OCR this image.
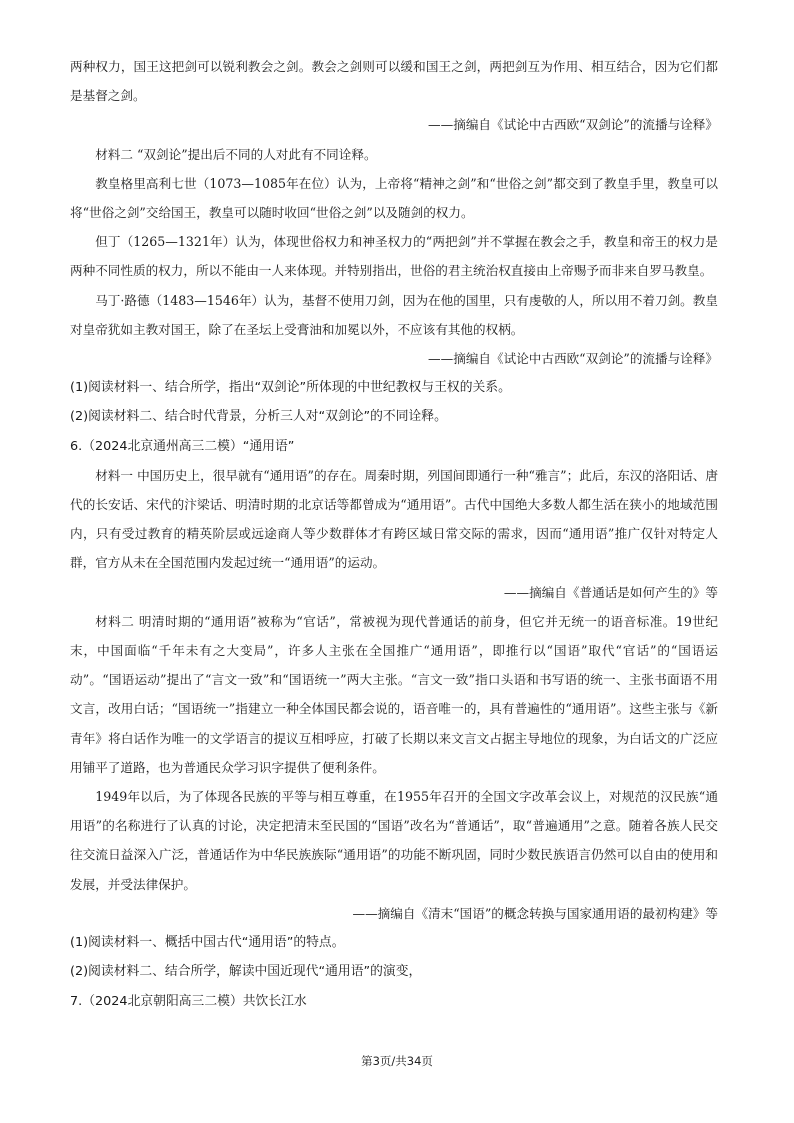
两种权力，国王这把剑可以锐利教会之剑。教会之剑则可以缓和国王之剑，两把剑互为作用、相互结合，因为它们都是基督之剑。

——摘编自《试论中古西欧“双剑论”的流播与诠释》

材料二 “双剑论”提出后不同的人对此有不同诠释。

教皇格里高利七世（1073—1085年在位）认为，上帝将“精神之剑”和“世俗之剑”都交到了教皇手里，教皇可以将“世俗之剑”交给国王，教皇可以随时收回“世俗之剑”以及随剑的权力。

但丁（1265—1321年）认为，体现世俗权力和神圣权力的“两把剑”并不掌握在教会之手，教皇和帝王的权力是两种不同性质的权力，所以不能由一人来体现。并特别指出，世俗的君主统治权直接由上帝赐予而非来自罗马教皇。

马丁·路德（1483—1546年）认为，基督不使用刀剑，因为在他的国里，只有虔敬的人，所以用不着刀剑。教皇对皇帝犹如主教对国王，除了在圣坛上受膏油和加冕以外，不应该有其他的权柄。

——摘编自《试论中古西欧“双剑论”的流播与诠释》

(1)阅读材料一、结合所学，指出“双剑论”所体现的中世纪教权与王权的关系。

(2)阅读材料二、结合时代背景，分析三人对“双剑论”的不同诠释。

6.（2024北京通州高三二模）“通用语”

材料一 中国历史上，很早就有“通用语”的存在。周秦时期，列国间即通行一种“雅言”；此后，东汉的洛阳话、唐代的长安话、宋代的汴梁话、明清时期的北京话等都曾成为“通用语”。古代中国绝大多数人都生活在狭小的地域范围内，只有受过教育的精英阶层或远途商人等少数群体才有跨区域日常交际的需求，因而“通用语”推广仅针对特定人群，官方从未在全国范围内发起过统一“通用语”的运动。

——摘编自《普通话是如何产生的》等

材料二 明清时期的“通用语”被称为“官话”，常被视为现代普通话的前身，但它并无统一的语音标准。19世纪末，中国面临“千年未有之大变局”，许多人主张在全国推广“通用语”，即推行以“国语”取代“官话”的“国语运动”。“国语运动”提出了“言文一致”和“国语统一”两大主张。“言文一致”指口头语和书写语的统一、主张书面语不用文言，改用白话；“国语统一”指建立一种全体国民都会说的，语音唯一的，具有普遍性的“通用语”。这些主张与《新青年》将白话作为唯一的文学语言的提议互相呼应，打破了长期以来文言文占据主导地位的现象，为白话文的广泛应用铺平了道路，也为普通民众学习识字提供了便利条件。

1949年以后，为了体现各民族的平等与相互尊重，在1955年召开的全国文字改革会议上，对规范的汉民族“通用语”的名称进行了认真的讨论，决定把清末至民国的“国语”改名为“普通话”，取“普遍通用”之意。随着各族人民交往交流日益深入广泛，普通话作为中华民族族际“通用语”的功能不断巩固，同时少数民族语言仍然可以自由的使用和发展，并受法律保护。

——摘编自《清末“国语”的概念转换与国家通用语的最初构建》等

(1)阅读材料一、概括中国古代“通用语”的特点。

(2)阅读材料二、结合所学，解读中国近现代“通用语”的演变，

7.（2024北京朝阳高三二模）共饮长江水

第3页/共34页
